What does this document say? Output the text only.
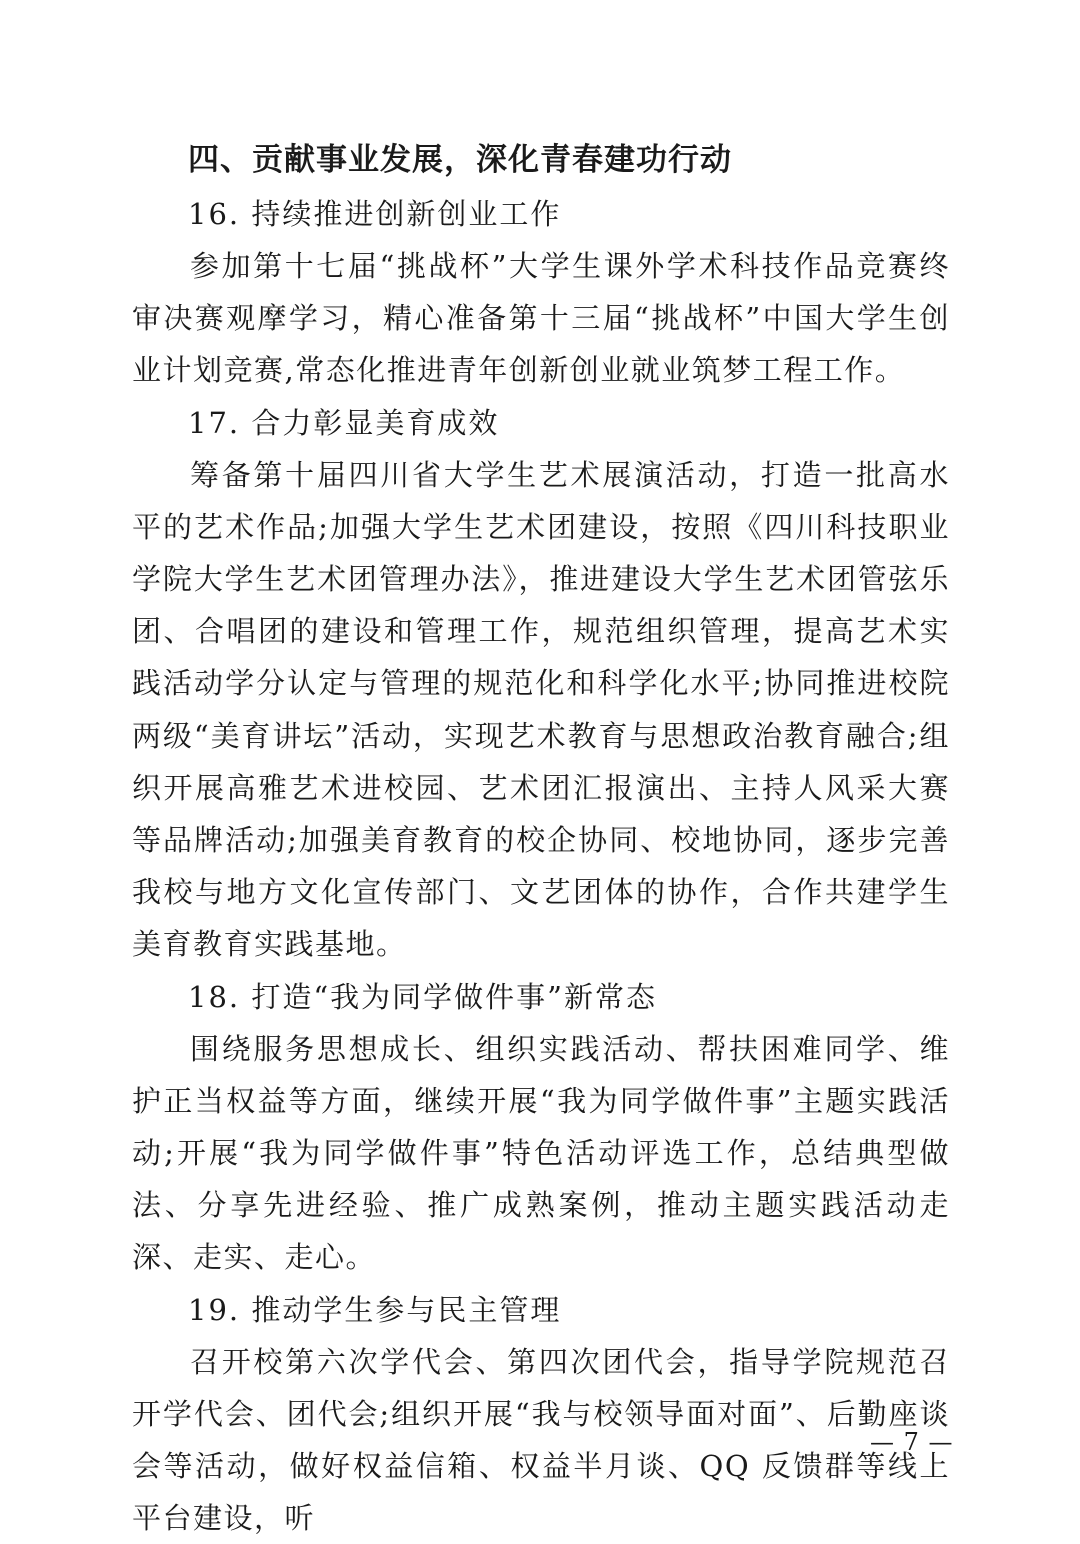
四、贡献事业发展，深化青春建功行动

16. 持续推进创新创业工作

参加第十七届“挑战杯”大学生课外学术科技作品竞赛终审决赛观摩学习，精心准备第十三届“挑战杯”中国大学生创业计划竞赛,常态化推进青年创新创业就业筑梦工程工作。

17. 合力彰显美育成效

筹备第十届四川省大学生艺术展演活动，打造一批高水平的艺术作品;加强大学生艺术团建设，按照《四川科技职业学院大学生艺术团管理办法》，推进建设大学生艺术团管弦乐团、合唱团的建设和管理工作，规范组织管理，提高艺术实践活动学分认定与管理的规范化和科学化水平;协同推进校院两级“美育讲坛”活动，实现艺术教育与思想政治教育融合;组织开展高雅艺术进校园、艺术团汇报演出、主持人风采大赛等品牌活动;加强美育教育的校企协同、校地协同，逐步完善我校与地方文化宣传部门、文艺团体的协作，合作共建学生美育教育实践基地。

18. 打造“我为同学做件事”新常态

围绕服务思想成长、组织实践活动、帮扶困难同学、维护正当权益等方面，继续开展“我为同学做件事”主题实践活动;开展“我为同学做件事”特色活动评选工作，总结典型做法、分享先进经验、推广成熟案例，推动主题实践活动走深、走实、走心。

19. 推动学生参与民主管理

召开校第六次学代会、第四次团代会，指导学院规范召开学代会、团代会;组织开展“我与校领导面对面”、后勤座谈会等活动，做好权益信箱、权益半月谈、QQ 反馈群等线上平台建设，听

— 7 —
